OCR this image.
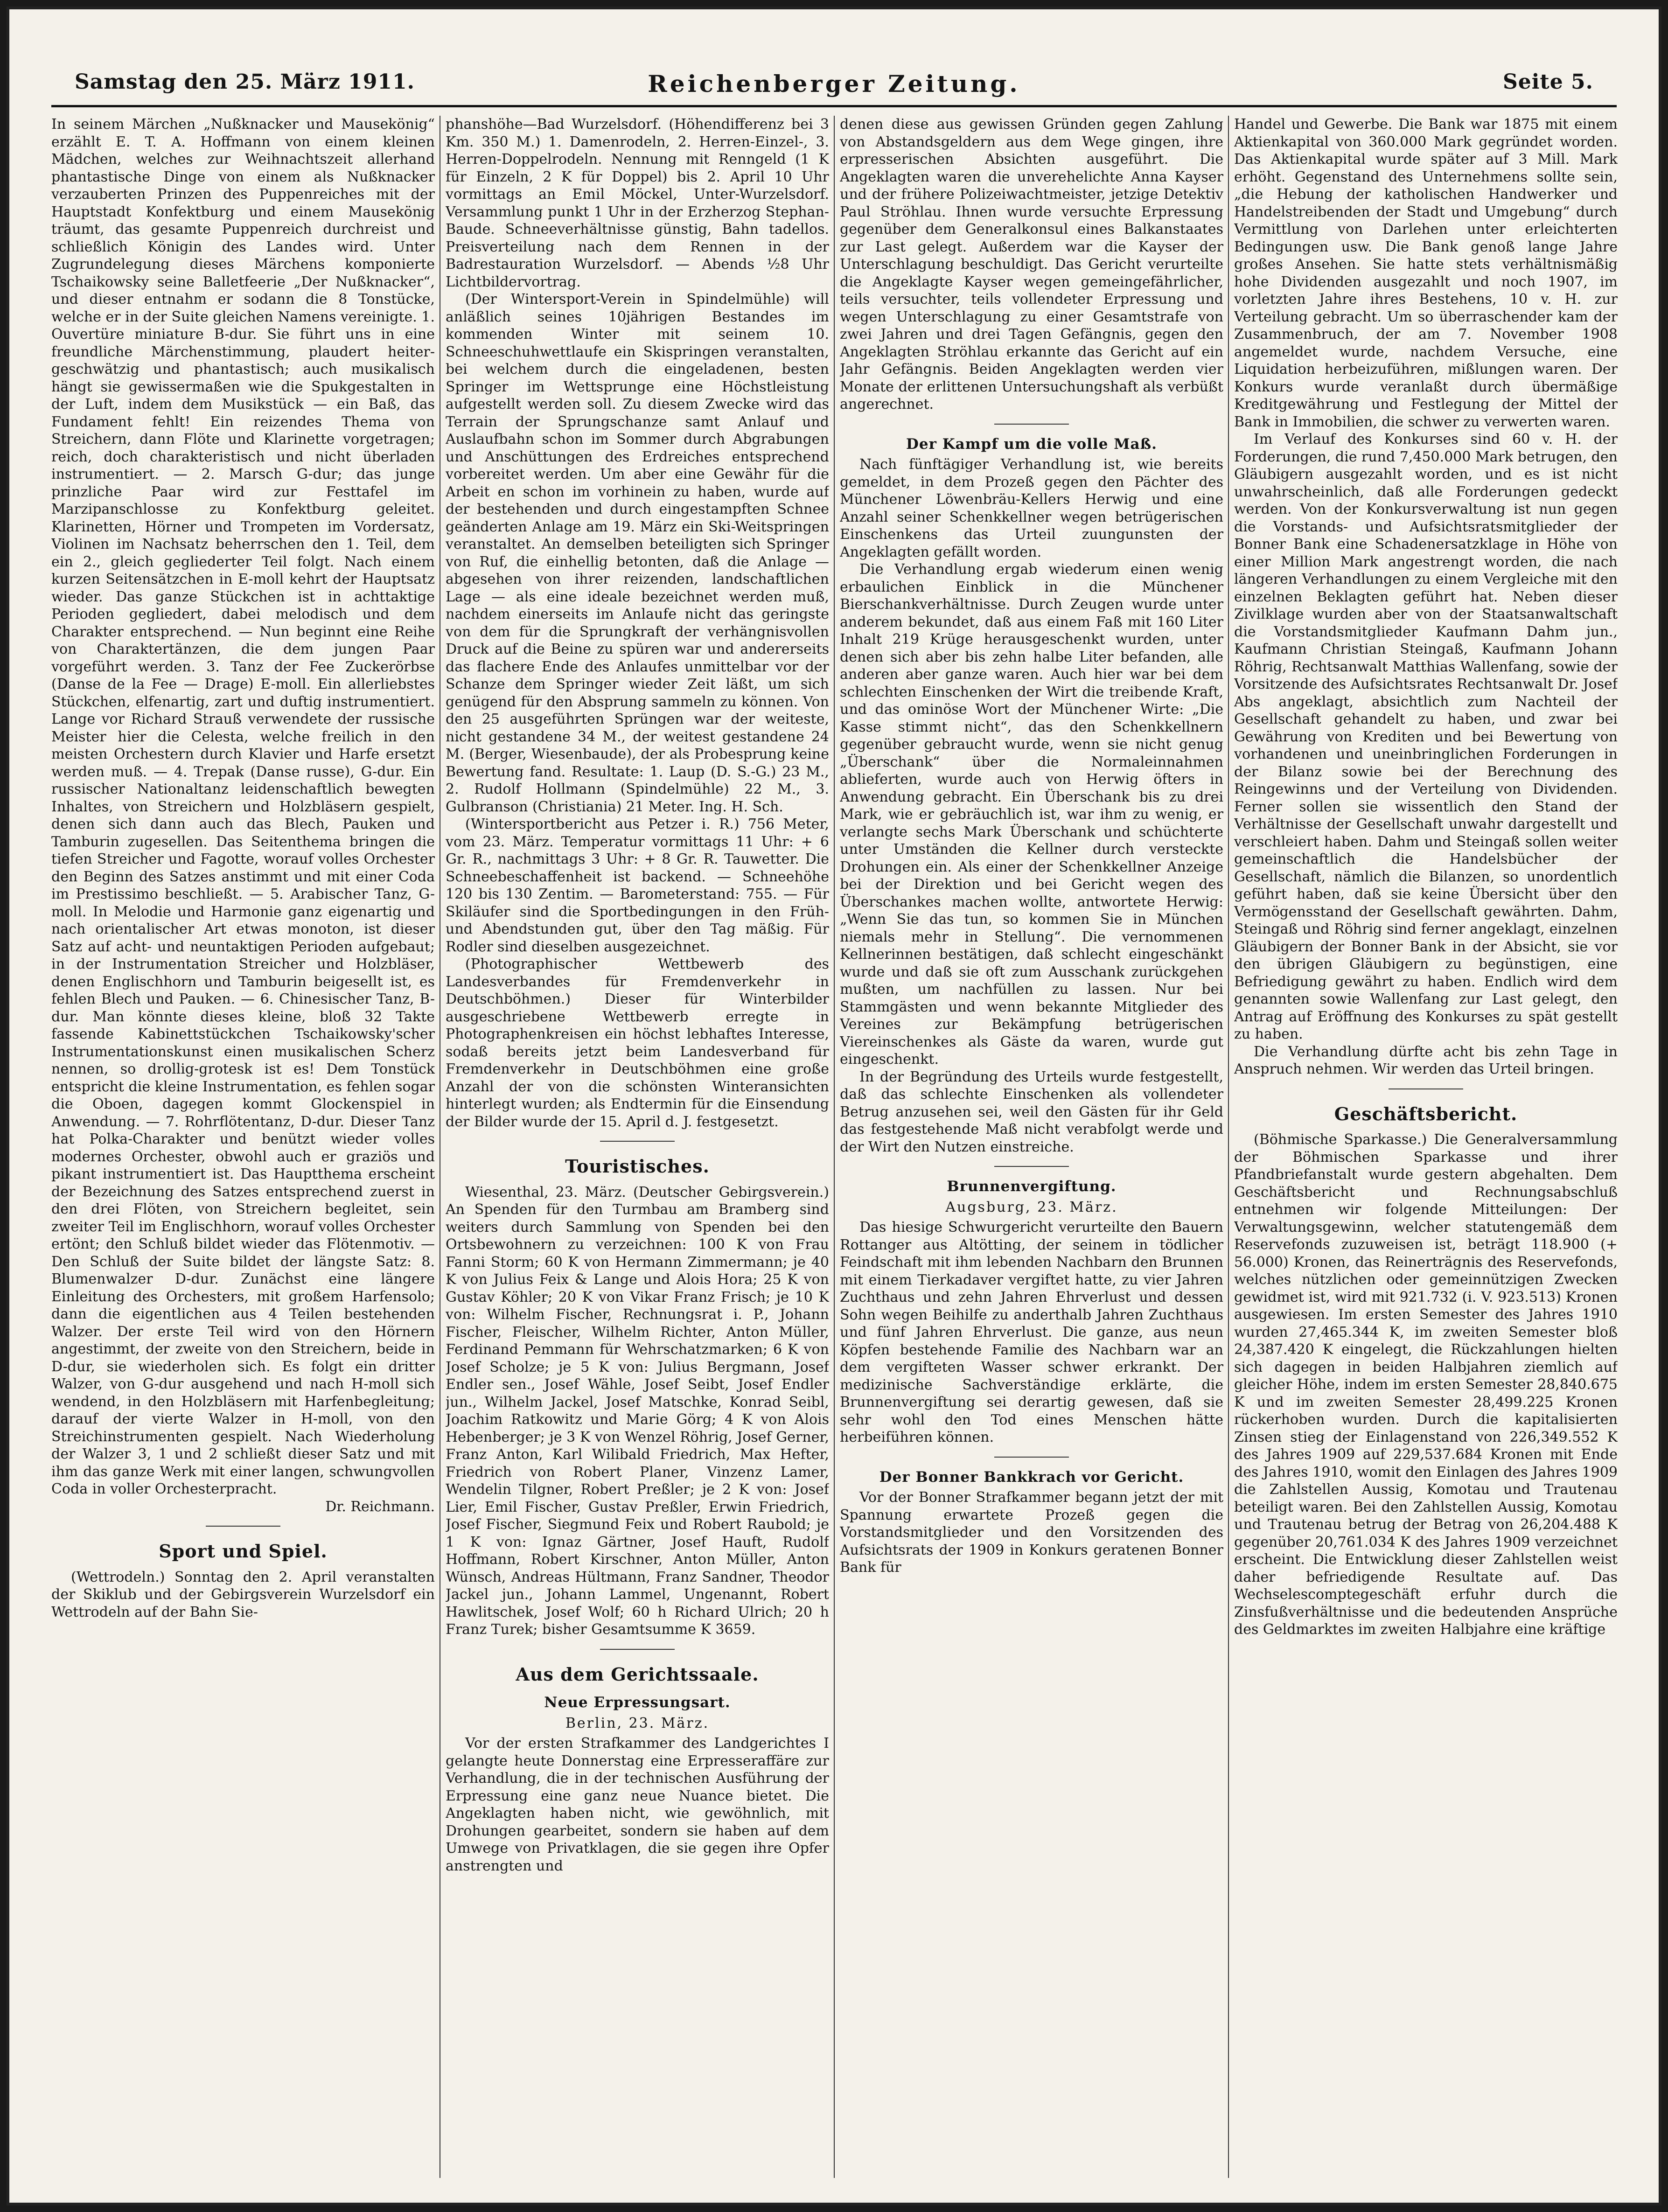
Samstag den 25. März 1911.	Reichenberger Zeitung.	Seite 5.

In seinem Märchen „Nußknacker und Mausekönig“ erzählt E. T. A. Hoffmann von einem kleinen Mädchen, welches zur Weihnachtszeit allerhand phantastische Dinge von einem als Nußknacker verzauberten Prinzen des Puppenreiches mit der Hauptstadt Konfektburg und einem Mausekönig träumt, das gesamte Puppenreich durchreist und schließlich Königin des Landes wird. Unter Zugrundelegung dieses Märchens komponierte Tschaikowsky seine Balletfeerie „Der Nußknacker“, und dieser entnahm er sodann die 8 Tonstücke, welche er in der Suite gleichen Namens vereinigte. 1. Ouvertüre miniature B-dur. Sie führt uns in eine freundliche Märchenstimmung, plaudert heiter-geschwätzig und phantastisch; auch musikalisch hängt sie gewissermaßen wie die Spukgestalten in der Luft, indem dem Musikstück — ein Baß, das Fundament fehlt! Ein reizendes Thema von Streichern, dann Flöte und Klarinette vorgetragen; reich, doch charakteristisch und nicht überladen instrumentiert. — 2. Marsch G-dur; das junge prinzliche Paar wird zur Festtafel im Marzipanschlosse zu Konfektburg geleitet. Klarinetten, Hörner und Trompeten im Vordersatz, Violinen im Nachsatz beherrschen den 1. Teil, dem ein 2., gleich gegliederter Teil folgt. Nach einem kurzen Seitensätzchen in E-moll kehrt der Hauptsatz wieder. Das ganze Stückchen ist in achttaktige Perioden gegliedert, dabei melodisch und dem Charakter entsprechend. — Nun beginnt eine Reihe von Charaktertänzen, die dem jungen Paar vorgeführt werden. 3. Tanz der Fee Zuckerörbse (Danse de la Fee — Drage) E-moll. Ein allerliebstes Stückchen, elfenartig, zart und duftig instrumentiert. Lange vor Richard Strauß verwendete der russische Meister hier die Celesta, welche freilich in den meisten Orchestern durch Klavier und Harfe ersetzt werden muß. — 4. Trepak (Danse russe), G-dur. Ein russischer Nationaltanz leidenschaftlich bewegten Inhaltes, von Streichern und Holzbläsern gespielt, denen sich dann auch das Blech, Pauken und Tamburin zugesellen. Das Seitenthema bringen die tiefen Streicher und Fagotte, worauf volles Orchester den Beginn des Satzes anstimmt und mit einer Coda im Prestissimo beschließt. — 5. Arabischer Tanz, G-moll. In Melodie und Harmonie ganz eigenartig und nach orientalischer Art etwas monoton, ist dieser Satz auf acht- und neuntaktigen Perioden aufgebaut; in der Instrumentation Streicher und Holzbläser, denen Englischhorn und Tamburin beigesellt ist, es fehlen Blech und Pauken. — 6. Chinesischer Tanz, B-dur. Man könnte dieses kleine, bloß 32 Takte fassende Kabinettstückchen Tschaikowsky'scher Instrumentationskunst einen musikalischen Scherz nennen, so drollig-grotesk ist es! Dem Tonstück entspricht die kleine Instrumentation, es fehlen sogar die Oboen, dagegen kommt Glockenspiel in Anwendung. — 7. Rohrflötentanz, D-dur. Dieser Tanz hat Polka-Charakter und benützt wieder volles modernes Orchester, obwohl auch er graziös und pikant instrumentiert ist. Das Hauptthema erscheint der Bezeichnung des Satzes entsprechend zuerst in den drei Flöten, von Streichern begleitet, sein zweiter Teil im Englischhorn, worauf volles Orchester ertönt; den Schluß bildet wieder das Flötenmotiv. — Den Schluß der Suite bildet der längste Satz: 8. Blumenwalzer D-dur. Zunächst eine längere Einleitung des Orchesters, mit großem Harfensolo; dann die eigentlichen aus 4 Teilen bestehenden Walzer. Der erste Teil wird von den Hörnern angestimmt, der zweite von den Streichern, beide in D-dur, sie wiederholen sich. Es folgt ein dritter Walzer, von G-dur ausgehend und nach H-moll sich wendend, in den Holzbläsern mit Harfenbegleitung; darauf der vierte Walzer in H-moll, von den Streichinstrumenten gespielt. Nach Wiederholung der Walzer 3, 1 und 2 schließt dieser Satz und mit ihm das ganze Werk mit einer langen, schwungvollen Coda in voller Orchesterpracht.

Dr. Reichmann.

Sport und Spiel.

(Wettrodeln.) Sonntag den 2. April veranstalten der Skiklub und der Gebirgsverein Wurzelsdorf ein Wettrodeln auf der Bahn Sie-

phanshöhe—Bad Wurzelsdorf. (Höhendifferenz bei 3 Km. 350 M.) 1. Damenrodeln, 2. Herren-Einzel-, 3. Herren-Doppelrodeln. Nennung mit Renngeld (1 K für Einzeln, 2 K für Doppel) bis 2. April 10 Uhr vormittags an Emil Möckel, Unter-Wurzelsdorf. Versammlung punkt 1 Uhr in der Erzherzog Stephan-Baude. Schneeverhältnisse günstig, Bahn tadellos. Preisverteilung nach dem Rennen in der Badrestauration Wurzelsdorf. — Abends ½8 Uhr Lichtbildervortrag.

(Der Wintersport-Verein in Spindelmühle) will anläßlich seines 10jährigen Bestandes im kommenden Winter mit seinem 10. Schneeschuhwettlaufe ein Skispringen veranstalten, bei welchem durch die eingeladenen, besten Springer im Wettsprunge eine Höchstleistung aufgestellt werden soll. Zu diesem Zwecke wird das Terrain der Sprungschanze samt Anlauf und Auslaufbahn schon im Sommer durch Abgrabungen und Anschüttungen des Erdreiches entsprechend vorbereitet werden. Um aber eine Gewähr für die Arbeit en schon im vorhinein zu haben, wurde auf der bestehenden und durch eingestampften Schnee geänderten Anlage am 19. März ein Ski-Weitspringen veranstaltet. An demselben beteiligten sich Springer von Ruf, die einhellig betonten, daß die Anlage — abgesehen von ihrer reizenden, landschaftlichen Lage — als eine ideale bezeichnet werden muß, nachdem einerseits im Anlaufe nicht das geringste von dem für die Sprungkraft der verhängnisvollen Druck auf die Beine zu spüren war und andererseits das flachere Ende des Anlaufes unmittelbar vor der Schanze dem Springer wieder Zeit läßt, um sich genügend für den Absprung sammeln zu können. Von den 25 ausgeführten Sprüngen war der weiteste, nicht gestandene 34 M., der weitest gestandene 24 M. (Berger, Wiesenbaude), der als Probesprung keine Bewertung fand. Resultate: 1. Laup (D. S.-G.) 23 M., 2. Rudolf Hollmann (Spindelmühle) 22 M., 3. Gulbranson (Christiania) 21 Meter. Ing. H. Sch.

(Wintersportbericht aus Petzer i. R.) 756 Meter, vom 23. März. Temperatur vormittags 11 Uhr: + 6 Gr. R., nachmittags 3 Uhr: + 8 Gr. R. Tauwetter. Die Schneebeschaffenheit ist backend. — Schneehöhe 120 bis 130 Zentim. — Barometerstand: 755. — Für Skiläufer sind die Sportbedingungen in den Früh- und Abendstunden gut, über den Tag mäßig. Für Rodler sind dieselben ausgezeichnet.

(Photographischer Wettbewerb des Landesverbandes für Fremdenverkehr in Deutschböhmen.) Dieser für Winterbilder ausgeschriebene Wettbewerb erregte in Photographenkreisen ein höchst lebhaftes Interesse, sodaß bereits jetzt beim Landesverband für Fremdenverkehr in Deutschböhmen eine große Anzahl der von die schönsten Winteransichten hinterlegt wurden; als Endtermin für die Einsendung der Bilder wurde der 15. April d. J. festgesetzt.

Touristisches.

Wiesenthal, 23. März. (Deutscher Gebirgsverein.) An Spenden für den Turmbau am Bramberg sind weiters durch Sammlung von Spenden bei den Ortsbewohnern zu verzeichnen: 100 K von Frau Fanni Storm; 60 K von Hermann Zimmermann; je 40 K von Julius Feix & Lange und Alois Hora; 25 K von Gustav Köhler; 20 K von Vikar Franz Frisch; je 10 K von: Wilhelm Fischer, Rechnungsrat i. P., Johann Fischer, Fleischer, Wilhelm Richter, Anton Müller, Ferdinand Pemmann für Wehrschatzmarken; 6 K von Josef Scholze; je 5 K von: Julius Bergmann, Josef Endler sen., Josef Wähle, Josef Seibt, Josef Endler jun., Wilhelm Jackel, Josef Matschke, Konrad Seibl, Joachim Ratkowitz und Marie Görg; 4 K von Alois Hebenberger; je 3 K von Wenzel Röhrig, Josef Gerner, Franz Anton, Karl Wilibald Friedrich, Max Hefter, Friedrich von Robert Planer, Vinzenz Lamer, Wendelin Tilgner, Robert Preßler; je 2 K von: Josef Lier, Emil Fischer, Gustav Preßler, Erwin Friedrich, Josef Fischer, Siegmund Feix und Robert Raubold; je 1 K von: Ignaz Gärtner, Josef Hauft, Rudolf Hoffmann, Robert Kirschner, Anton Müller, Anton Wünsch, Andreas Hültmann, Franz Sandner, Theodor Jackel jun., Johann Lammel, Ungenannt, Robert Hawlitschek, Josef Wolf; 60 h Richard Ulrich; 20 h Franz Turek; bisher Gesamtsumme K 3659.

Aus dem Gerichtssaale.
Neue Erpressungsart.
Berlin, 23. März.

Vor der ersten Strafkammer des Landgerichtes I gelangte heute Donnerstag eine Erpresseraffäre zur Verhandlung, die in der technischen Ausführung der Erpressung eine ganz neue Nuance bietet. Die Angeklagten haben nicht, wie gewöhnlich, mit Drohungen gearbeitet, sondern sie haben auf dem Umwege von Privatklagen, die sie gegen ihre Opfer anstrengten und

denen diese aus gewissen Gründen gegen Zahlung von Abstandsgeldern aus dem Wege gingen, ihre erpresserischen Absichten ausgeführt. Die Angeklagten waren die unverehelichte Anna Kayser und der frühere Polizeiwachtmeister, jetzige Detektiv Paul Ströhlau. Ihnen wurde versuchte Erpressung gegenüber dem Generalkonsul eines Balkanstaates zur Last gelegt. Außerdem war die Kayser der Unterschlagung beschuldigt. Das Gericht verurteilte die Angeklagte Kayser wegen gemeingefährlicher, teils versuchter, teils vollendeter Erpressung und wegen Unterschlagung zu einer Gesamtstrafe von zwei Jahren und drei Tagen Gefängnis, gegen den Angeklagten Ströhlau erkannte das Gericht auf ein Jahr Gefängnis. Beiden Angeklagten werden vier Monate der erlittenen Untersuchungshaft als verbüßt angerechnet.

Der Kampf um die volle Maß.

Nach fünftägiger Verhandlung ist, wie bereits gemeldet, in dem Prozeß gegen den Pächter des Münchener Löwenbräu-Kellers Herwig und eine Anzahl seiner Schenkkellner wegen betrügerischen Einschenkens das Urteil zuungunsten der Angeklagten gefällt worden.

Die Verhandlung ergab wiederum einen wenig erbaulichen Einblick in die Münchener Bierschankverhältnisse. Durch Zeugen wurde unter anderem bekundet, daß aus einem Faß mit 160 Liter Inhalt 219 Krüge herausgeschenkt wurden, unter denen sich aber bis zehn halbe Liter befanden, alle anderen aber ganze waren. Auch hier war bei dem schlechten Einschenken der Wirt die treibende Kraft, und das ominöse Wort der Münchener Wirte: „Die Kasse stimmt nicht“, das den Schenkkellnern gegenüber gebraucht wurde, wenn sie nicht genug „Überschank“ über die Normaleinnahmen ablieferten, wurde auch von Herwig öfters in Anwendung gebracht. Ein Überschank bis zu drei Mark, wie er gebräuchlich ist, war ihm zu wenig, er verlangte sechs Mark Überschank und schüchterte unter Umständen die Kellner durch versteckte Drohungen ein. Als einer der Schenkkellner Anzeige bei der Direktion und bei Gericht wegen des Überschankes machen wollte, antwortete Herwig: „Wenn Sie das tun, so kommen Sie in München niemals mehr in Stellung“. Die vernommenen Kellnerinnen bestätigen, daß schlecht eingeschänkt wurde und daß sie oft zum Ausschank zurückgehen mußten, um nachfüllen zu lassen. Nur bei Stammgästen und wenn bekannte Mitglieder des Vereines zur Bekämpfung betrügerischen Viereinschenkes als Gäste da waren, wurde gut eingeschenkt.

In der Begründung des Urteils wurde festgestellt, daß das schlechte Einschenken als vollendeter Betrug anzusehen sei, weil den Gästen für ihr Geld das festgestehende Maß nicht verabfolgt werde und der Wirt den Nutzen einstreiche.

Brunnenvergiftung.
Augsburg, 23. März.

Das hiesige Schwurgericht verurteilte den Bauern Rottanger aus Altötting, der seinem in tödlicher Feindschaft mit ihm lebenden Nachbarn den Brunnen mit einem Tierkadaver vergiftet hatte, zu vier Jahren Zuchthaus und zehn Jahren Ehrverlust und dessen Sohn wegen Beihilfe zu anderthalb Jahren Zuchthaus und fünf Jahren Ehrverlust. Die ganze, aus neun Köpfen bestehende Familie des Nachbarn war an dem vergifteten Wasser schwer erkrankt. Der medizinische Sachverständige erklärte, die Brunnenvergiftung sei derartig gewesen, daß sie sehr wohl den Tod eines Menschen hätte herbeiführen können.

Der Bonner Bankkrach vor Gericht.

Vor der Bonner Strafkammer begann jetzt der mit Spannung erwartete Prozeß gegen die Vorstandsmitglieder und den Vorsitzenden des Aufsichtsrats der 1909 in Konkurs geratenen Bonner Bank für

Handel und Gewerbe. Die Bank war 1875 mit einem Aktienkapital von 360.000 Mark gegründet worden. Das Aktienkapital wurde später auf 3 Mill. Mark erhöht. Gegenstand des Unternehmens sollte sein, „die Hebung der katholischen Handwerker und Handelstreibenden der Stadt und Umgebung“ durch Vermittlung von Darlehen unter erleichterten Bedingungen usw. Die Bank genoß lange Jahre großes Ansehen. Sie hatte stets verhältnismäßig hohe Dividenden ausgezahlt und noch 1907, im vorletzten Jahre ihres Bestehens, 10 v. H. zur Verteilung gebracht. Um so überraschender kam der Zusammenbruch, der am 7. November 1908 angemeldet wurde, nachdem Versuche, eine Liquidation herbeizuführen, mißlungen waren. Der Konkurs wurde veranlaßt durch übermäßige Kreditgewährung und Festlegung der Mittel der Bank in Immobilien, die schwer zu verwerten waren.

Im Verlauf des Konkurses sind 60 v. H. der Forderungen, die rund 7,450.000 Mark betrugen, den Gläubigern ausgezahlt worden, und es ist nicht unwahrscheinlich, daß alle Forderungen gedeckt werden. Von der Konkursverwaltung ist nun gegen die Vorstands- und Aufsichtsratsmitglieder der Bonner Bank eine Schadenersatzklage in Höhe von einer Million Mark angestrengt worden, die nach längeren Verhandlungen zu einem Vergleiche mit den einzelnen Beklagten geführt hat. Neben dieser Zivilklage wurden aber von der Staatsanwaltschaft die Vorstandsmitglieder Kaufmann Dahm jun., Kaufmann Christian Steingaß, Kaufmann Johann Röhrig, Rechtsanwalt Matthias Wallenfang, sowie der Vorsitzende des Aufsichtsrates Rechtsanwalt Dr. Josef Abs angeklagt, absichtlich zum Nachteil der Gesellschaft gehandelt zu haben, und zwar bei Gewährung von Krediten und bei Bewertung von vorhandenen und uneinbringlichen Forderungen in der Bilanz sowie bei der Berechnung des Reingewinns und der Verteilung von Dividenden. Ferner sollen sie wissentlich den Stand der Verhältnisse der Gesellschaft unwahr dargestellt und verschleiert haben. Dahm und Steingaß sollen weiter gemeinschaftlich die Handelsbücher der Gesellschaft, nämlich die Bilanzen, so unordentlich geführt haben, daß sie keine Übersicht über den Vermögensstand der Gesellschaft gewährten. Dahm, Steingaß und Röhrig sind ferner angeklagt, einzelnen Gläubigern der Bonner Bank in der Absicht, sie vor den übrigen Gläubigern zu begünstigen, eine Befriedigung gewährt zu haben. Endlich wird dem genannten sowie Wallenfang zur Last gelegt, den Antrag auf Eröffnung des Konkurses zu spät gestellt zu haben.

Die Verhandlung dürfte acht bis zehn Tage in Anspruch nehmen. Wir werden das Urteil bringen.

Geschäftsbericht.

(Böhmische Sparkasse.) Die Generalversammlung der Böhmischen Sparkasse und ihrer Pfandbriefanstalt wurde gestern abgehalten. Dem Geschäftsbericht und Rechnungsabschluß entnehmen wir folgende Mitteilungen: Der Verwaltungsgewinn, welcher statutengemäß dem Reservefonds zuzuweisen ist, beträgt 118.900 (+ 56.000) Kronen, das Reinerträgnis des Reservefonds, welches nützlichen oder gemeinnützigen Zwecken gewidmet ist, wird mit 921.732 (i. V. 923.513) Kronen ausgewiesen. Im ersten Semester des Jahres 1910 wurden 27,465.344 K, im zweiten Semester bloß 24,387.420 K eingelegt, die Rückzahlungen hielten sich dagegen in beiden Halbjahren ziemlich auf gleicher Höhe, indem im ersten Semester 28,840.675 K und im zweiten Semester 28,499.225 Kronen rückerhoben wurden. Durch die kapitalisierten Zinsen stieg der Einlagenstand von 226,349.552 K des Jahres 1909 auf 229,537.684 Kronen mit Ende des Jahres 1910, womit den Einlagen des Jahres 1909 die Zahlstellen Aussig, Komotau und Trautenau beteiligt waren. Bei den Zahlstellen Aussig, Komotau und Trautenau betrug der Betrag von 26,204.488 K gegenüber 20,761.034 K des Jahres 1909 verzeichnet erscheint. Die Entwicklung dieser Zahlstellen weist daher befriedigende Resultate auf. Das Wechselescomptegeschäft erfuhr durch die Zinsfußverhältnisse und die bedeutenden Ansprüche des Geldmarktes im zweiten Halbjahre eine kräftige
